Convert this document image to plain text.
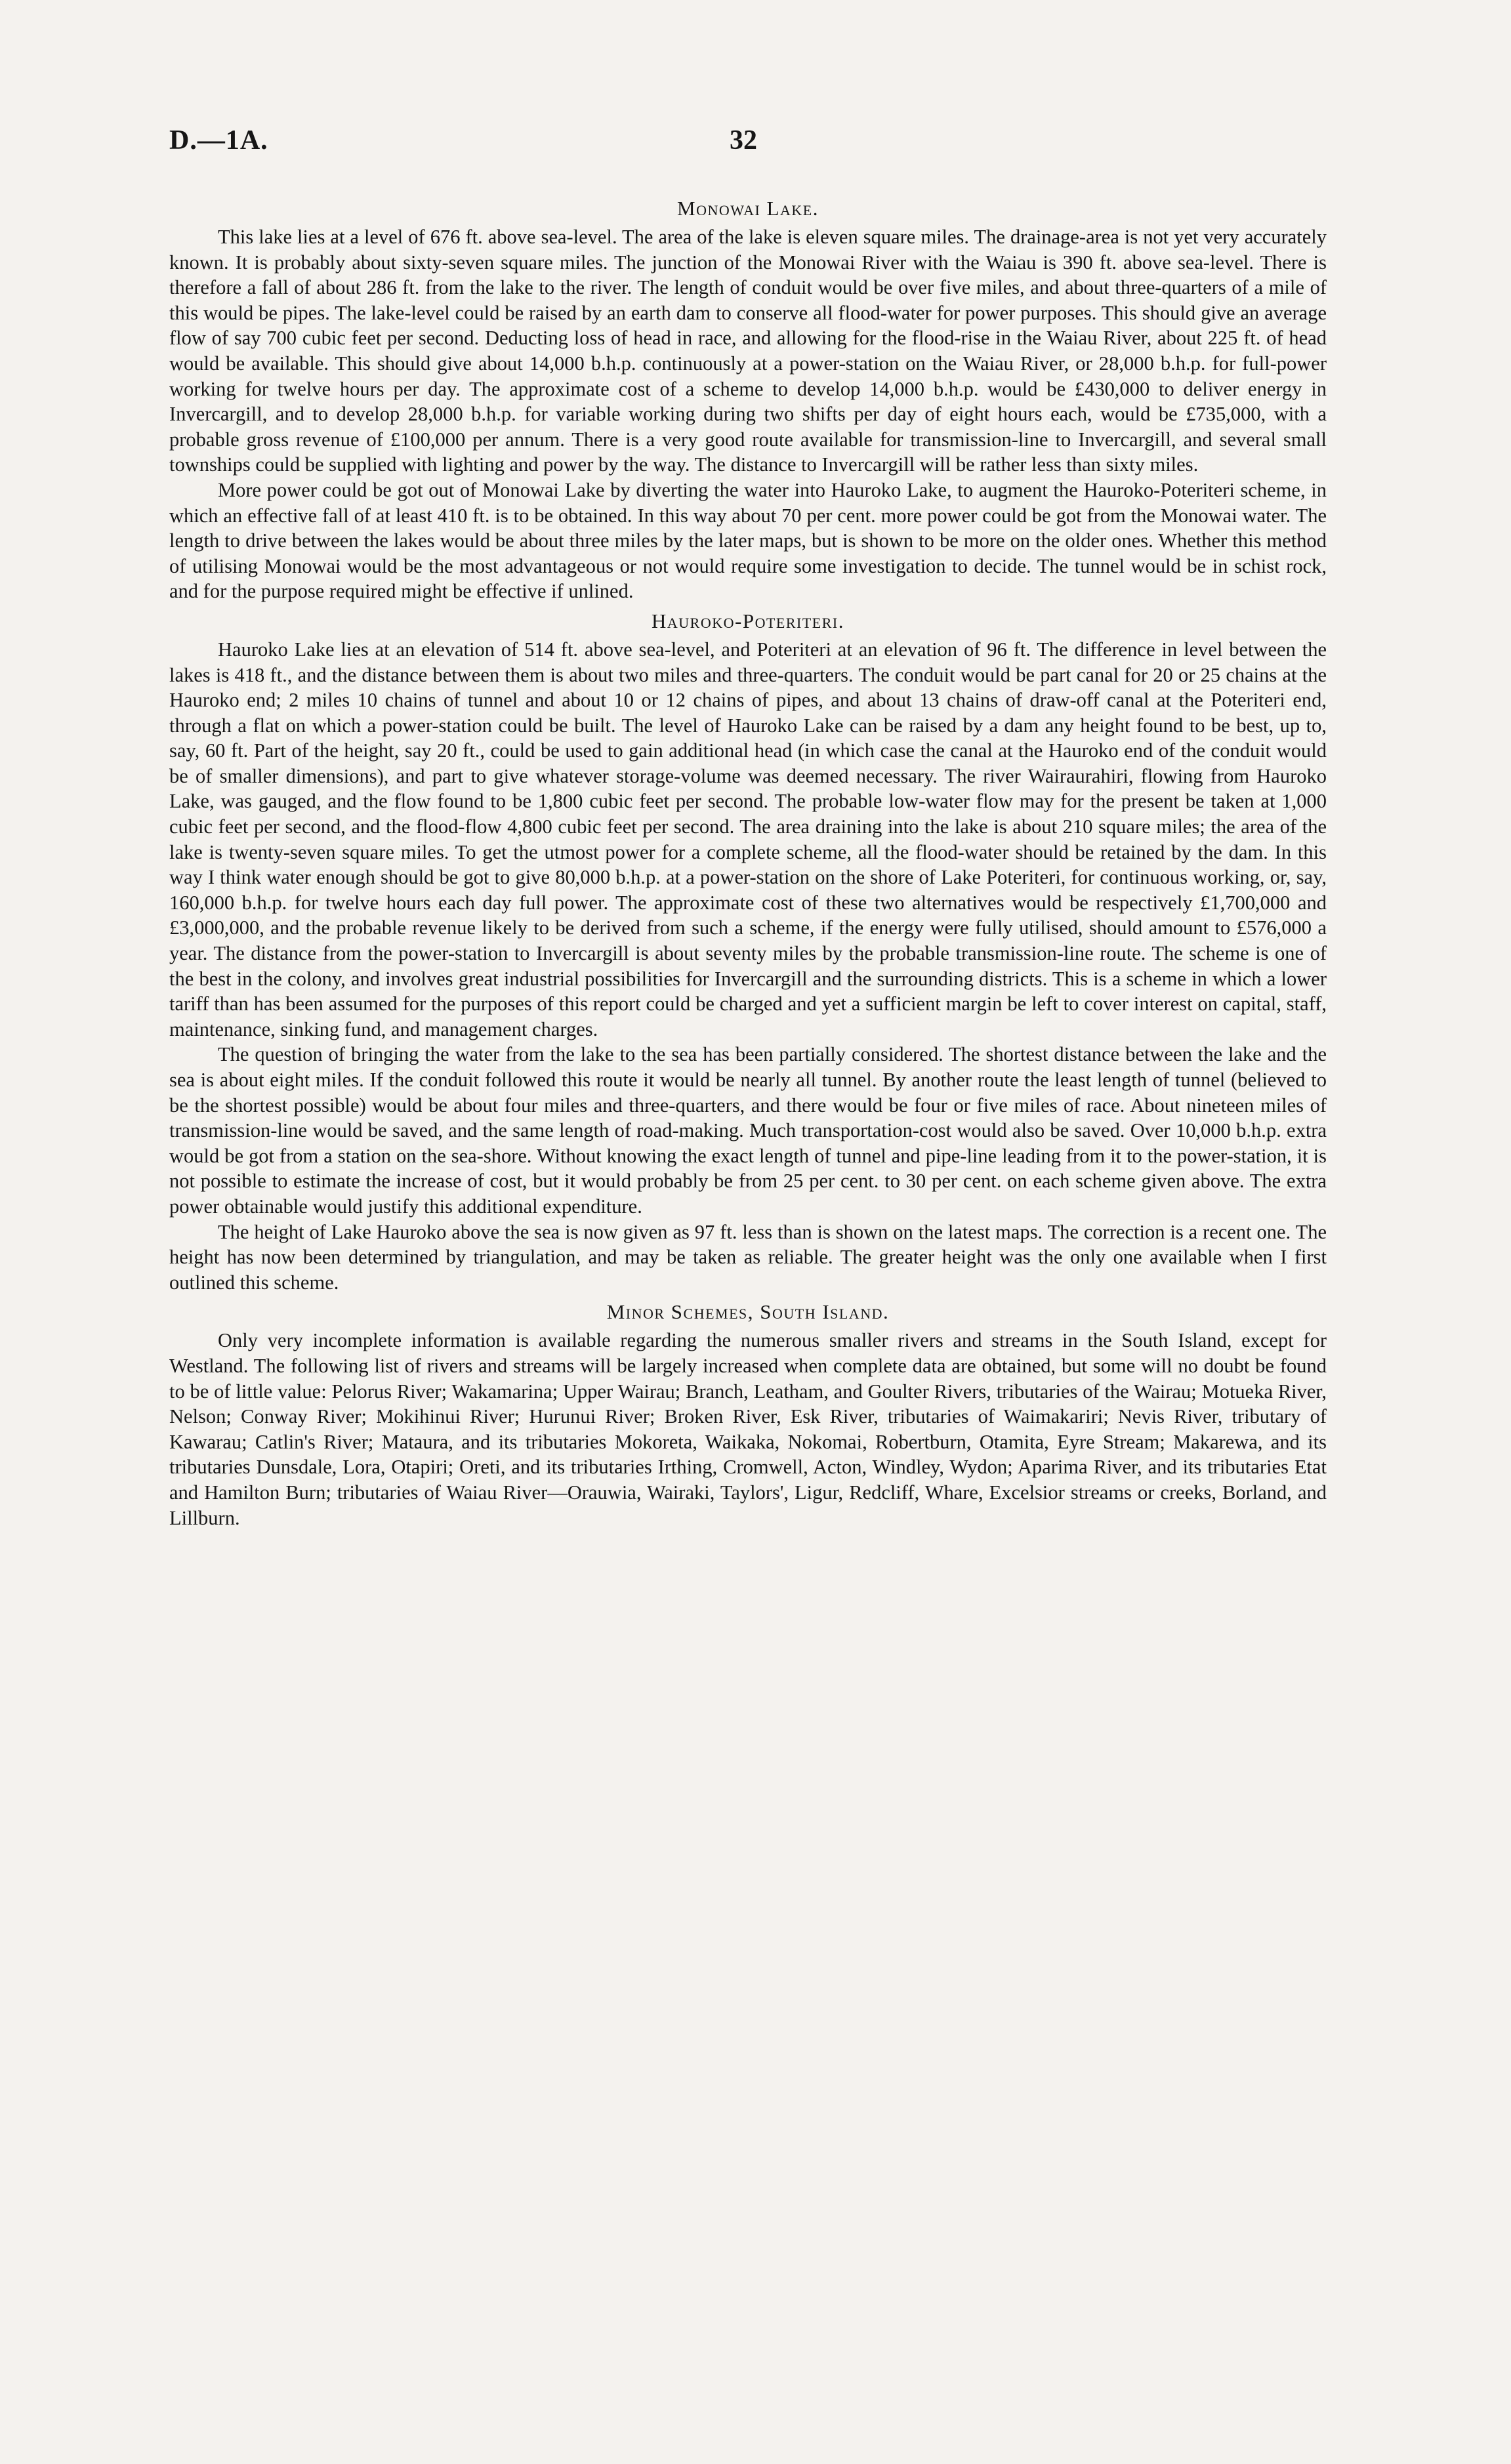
D.—1A.	32
Monowai Lake.

This lake lies at a level of 676 ft. above sea-level. The area of the lake is eleven square miles. The drainage-area is not yet very accurately known. It is probably about sixty-seven square miles. The junction of the Monowai River with the Waiau is 390 ft. above sea-level. There is therefore a fall of about 286 ft. from the lake to the river. The length of conduit would be over five miles, and about three-quarters of a mile of this would be pipes. The lake-level could be raised by an earth dam to conserve all flood-water for power purposes. This should give an average flow of say 700 cubic feet per second. Deducting loss of head in race, and allowing for the flood-rise in the Waiau River, about 225 ft. of head would be available. This should give about 14,000 b.h.p. continuously at a power-station on the Waiau River, or 28,000 b.h.p. for full-power working for twelve hours per day. The approximate cost of a scheme to develop 14,000 b.h.p. would be £430,000 to deliver energy in Invercargill, and to develop 28,000 b.h.p. for variable working during two shifts per day of eight hours each, would be £735,000, with a probable gross revenue of £100,000 per annum. There is a very good route available for transmission-line to Invercargill, and several small townships could be supplied with lighting and power by the way. The distance to Invercargill will be rather less than sixty miles.

More power could be got out of Monowai Lake by diverting the water into Hauroko Lake, to augment the Hauroko-Poteriteri scheme, in which an effective fall of at least 410 ft. is to be obtained. In this way about 70 per cent. more power could be got from the Monowai water. The length to drive between the lakes would be about three miles by the later maps, but is shown to be more on the older ones. Whether this method of utilising Monowai would be the most advantageous or not would require some investigation to decide. The tunnel would be in schist rock, and for the purpose required might be effective if unlined.

Hauroko-Poteriteri.

Hauroko Lake lies at an elevation of 514 ft. above sea-level, and Poteriteri at an elevation of 96 ft. The difference in level between the lakes is 418 ft., and the distance between them is about two miles and three-quarters. The conduit would be part canal for 20 or 25 chains at the Hauroko end; 2 miles 10 chains of tunnel and about 10 or 12 chains of pipes, and about 13 chains of draw-off canal at the Poteriteri end, through a flat on which a power-station could be built. The level of Hauroko Lake can be raised by a dam any height found to be best, up to, say, 60 ft. Part of the height, say 20 ft., could be used to gain additional head (in which case the canal at the Hauroko end of the conduit would be of smaller dimensions), and part to give whatever storage-volume was deemed necessary. The river Wairaurahiri, flowing from Hauroko Lake, was gauged, and the flow found to be 1,800 cubic feet per second. The probable low-water flow may for the present be taken at 1,000 cubic feet per second, and the flood-flow 4,800 cubic feet per second. The area draining into the lake is about 210 square miles; the area of the lake is twenty-seven square miles. To get the utmost power for a complete scheme, all the flood-water should be retained by the dam. In this way I think water enough should be got to give 80,000 b.h.p. at a power-station on the shore of Lake Poteriteri, for continuous working, or, say, 160,000 b.h.p. for twelve hours each day full power. The approximate cost of these two alternatives would be respectively £1,700,000 and £3,000,000, and the probable revenue likely to be derived from such a scheme, if the energy were fully utilised, should amount to £576,000 a year. The distance from the power-station to Invercargill is about seventy miles by the probable transmission-line route. The scheme is one of the best in the colony, and involves great industrial possibilities for Invercargill and the surrounding districts. This is a scheme in which a lower tariff than has been assumed for the purposes of this report could be charged and yet a sufficient margin be left to cover interest on capital, staff, maintenance, sinking fund, and management charges.

The question of bringing the water from the lake to the sea has been partially considered. The shortest distance between the lake and the sea is about eight miles. If the conduit followed this route it would be nearly all tunnel. By another route the least length of tunnel (believed to be the shortest possible) would be about four miles and three-quarters, and there would be four or five miles of race. About nineteen miles of transmission-line would be saved, and the same length of road-making. Much transportation-cost would also be saved. Over 10,000 b.h.p. extra would be got from a station on the sea-shore. Without knowing the exact length of tunnel and pipe-line leading from it to the power-station, it is not possible to estimate the increase of cost, but it would probably be from 25 per cent. to 30 per cent. on each scheme given above. The extra power obtainable would justify this additional expenditure.

The height of Lake Hauroko above the sea is now given as 97 ft. less than is shown on the latest maps. The correction is a recent one. The height has now been determined by triangulation, and may be taken as reliable. The greater height was the only one available when I first outlined this scheme.

Minor Schemes, South Island.

Only very incomplete information is available regarding the numerous smaller rivers and streams in the South Island, except for Westland. The following list of rivers and streams will be largely increased when complete data are obtained, but some will no doubt be found to be of little value: Pelorus River; Wakamarina; Upper Wairau; Branch, Leatham, and Goulter Rivers, tributaries of the Wairau; Motueka River, Nelson; Conway River; Mokihinui River; Hurunui River; Broken River, Esk River, tributaries of Waimakariri; Nevis River, tributary of Kawarau; Catlin's River; Mataura, and its tributaries Mokoreta, Waikaka, Nokomai, Robertburn, Otamita, Eyre Stream; Makarewa, and its tributaries Dunsdale, Lora, Otapiri; Oreti, and its tributaries Irthing, Cromwell, Acton, Windley, Wydon; Aparima River, and its tributaries Etat and Hamilton Burn; tributaries of Waiau River—Orauwia, Wairaki, Taylors', Ligur, Redcliff, Whare, Excelsior streams or creeks, Borland, and Lillburn.
